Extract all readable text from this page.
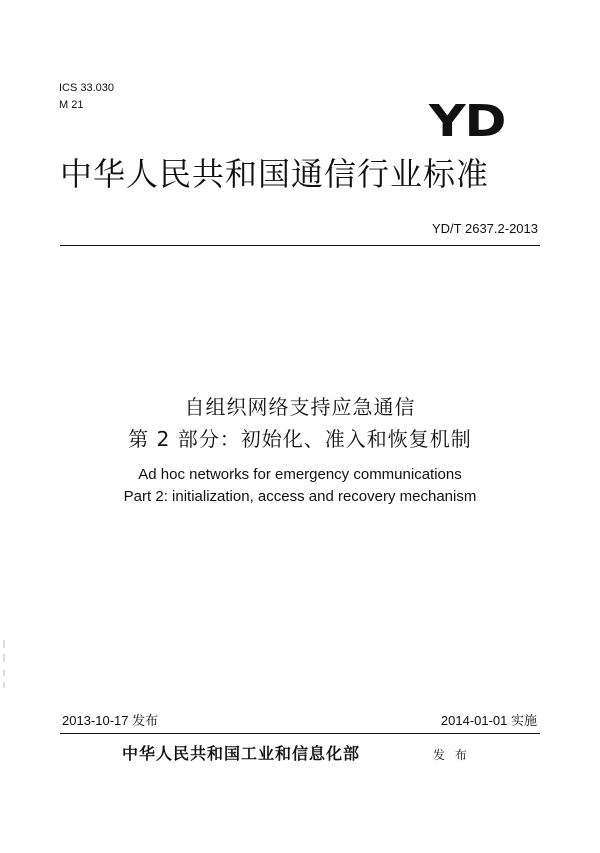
ICS 33.030
M 21	YD
中华人民共和国通信行业标准
YD/T 2637.2-2013
自组织网络支持应急通信
第 2 部分：初始化、准入和恢复机制
Ad hoc networks for emergency communications
Part 2: initialization, access and recovery mechanism
2013-10-17 发布	2014-01-01 实施
中华人民共和国工业和信息化部	发 布
